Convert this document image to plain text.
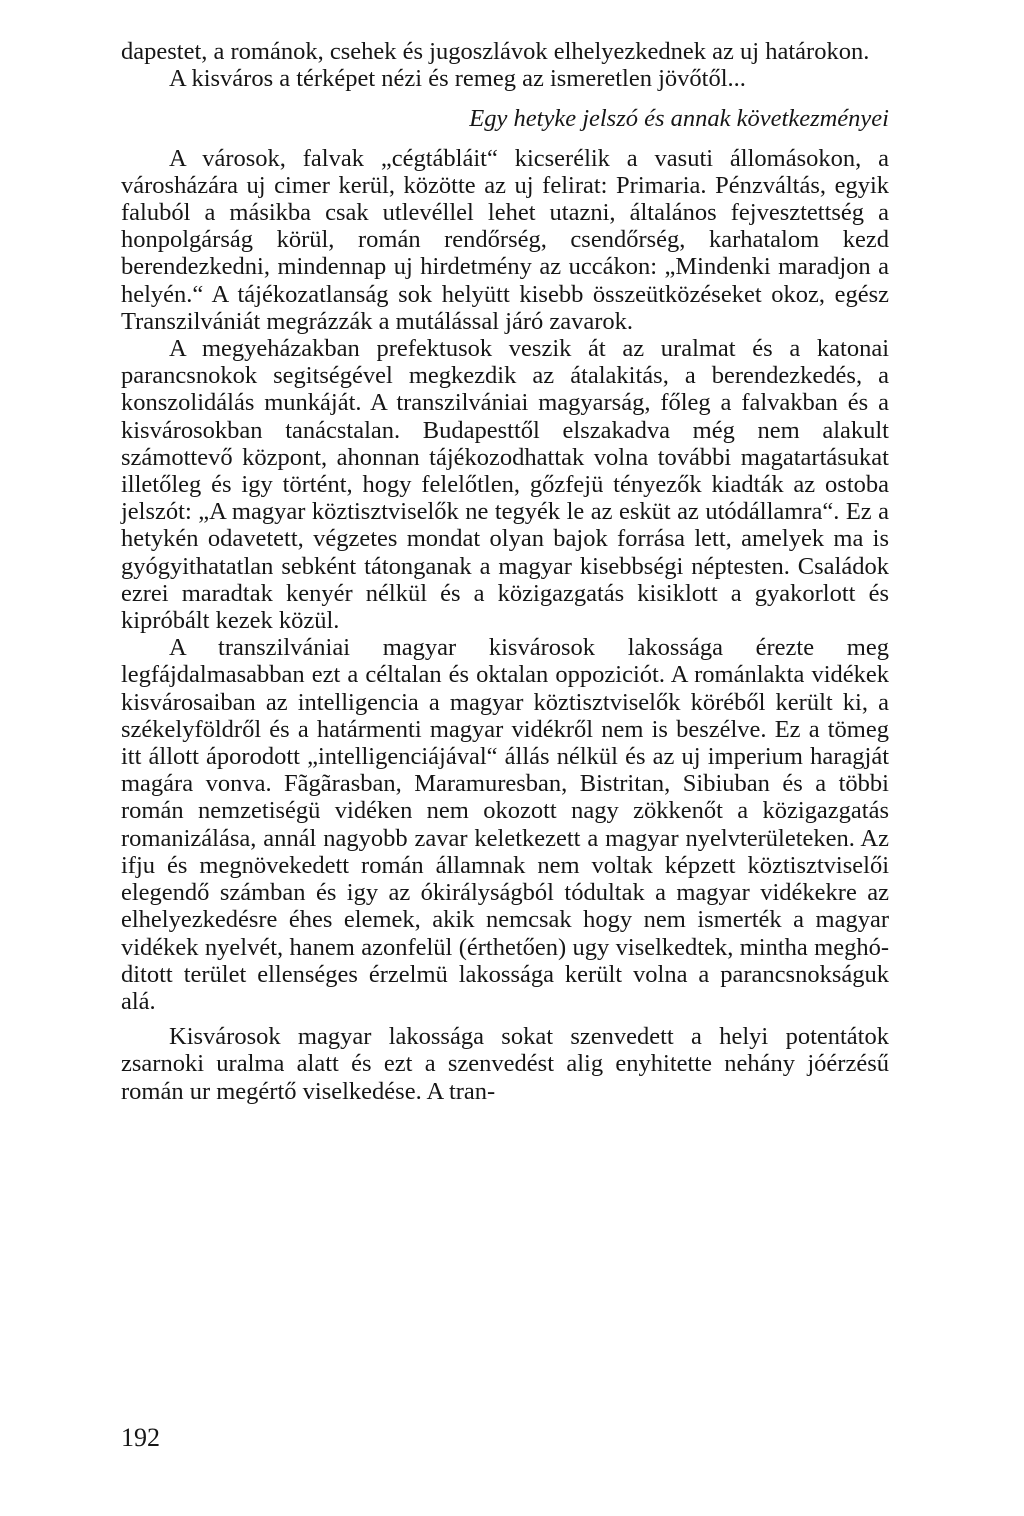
dapestet, a románok, csehek és jugoszlávok elhelyezkednek az uj határokon.

A kisváros a térképet nézi és remeg az ismeretlen jövőtől...

Egy hetyke jelszó és annak következményei

A városok, falvak „cégtábláit“ kicserélik a vasuti állomásokon, a városházára uj cimer kerül, közötte az uj felirat: Primaria. Pénzváltás, egyik faluból a másikba csak utlevéllel lehet utazni, általános fejvesztettség a honpolgárság körül, román rendőrség, csendőrség, karhatalom kezd berendezkedni, mindennap uj hirdetmény az uccákon: „Mindenki maradjon a helyén.“ A tájékozatlanság sok helyütt kisebb összeütközéseket okoz, egész Transzilvániát megrázzák a mutálással járó zavarok.

A megyeházakban prefektusok veszik át az uralmat és a katonai parancsnokok segitségével megkezdik az átalakitás, a berendezkedés, a konszolidálás munkáját. A transzilvániai magyarság, főleg a falvakban és a kisvárosokban tanácstalan. Budapesttől elszakadva még nem alakult számottevő központ, ahonnan tájékozodhattak volna további magatartásukat illetőleg és igy történt, hogy felelőtlen, gőzfejü tényezők kiadták az ostoba jelszót: „A magyar köztisztviselők ne tegyék le az esküt az utódállamra“. Ez a hetykén odavetett, végzetes mondat olyan bajok forrása lett, amelyek ma is gyógyithatatlan sebként tátonganak a magyar kisebbségi néptesten. Családok ezrei maradtak kenyér nélkül és a közigazgatás kisiklott a gyakorlott és kipróbált kezek közül.

A transzilvániai magyar kisvárosok lakossága érezte meg legfájdalmasabban ezt a céltalan és oktalan oppoziciót. A románlakta vidékek kisvárosaiban az intelligencia a magyar köztisztviselők köréből került ki, a székelyföldről és a határmenti magyar vidékről nem is beszélve. Ez a tömeg itt állott áporodott „intelligenciájával“ állás nélkül és az uj imperium haragját magára vonva. Fãgãrasban, Maramuresban, Bistritan, Sibiuban és a többi román nemzetiségü vidéken nem okozott nagy zökkenőt a közigazgatás romanizálása, annál nagyobb zavar keletkezett a magyar nyelvterületeken. Az ifju és megnövekedett román államnak nem voltak képzett köztisztviselői elegendő számban és igy az ókirályságból tódultak a magyar vidékekre az elhelyezkedésre éhes elemek, akik nemcsak hogy nem ismerték a magyar vidékek nyelvét, hanem azonfelül (érthetően) ugy viselkedtek, mintha meghóditott terület ellenséges érzelmü lakossága került volna a parancsnokságuk alá.

Kisvárosok magyar lakossága sokat szenvedett a helyi potentátok zsarnoki uralma alatt és ezt a szenvedést alig enyhitette nehány jóérzésű román ur megértő viselkedése. A tran-

192
